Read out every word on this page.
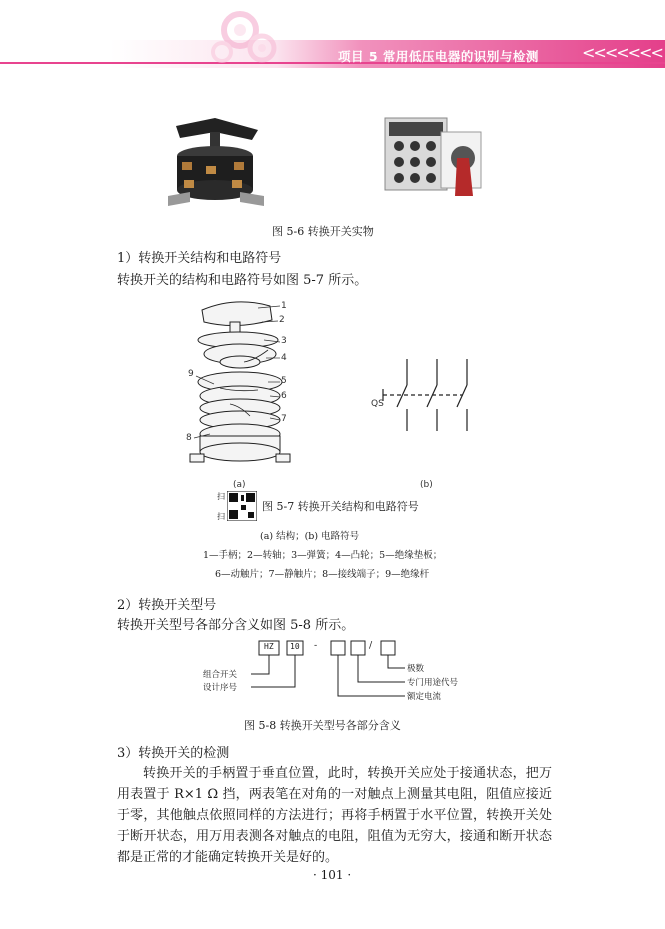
项目 5 常用低压电器的识别与检测	<<<<<<<
图 5-6 转换开关实物
1）转换开关结构和电路符号
转换开关的结构和电路符号如图 5-7 所示。
1
2
3
4
5
6
7
8
9
QS
(a)	(b)
扫
扫
图 5-7 转换开关结构和电路符号
(a) 结构；(b) 电路符号
1—手柄；2—转轴；3—弹簧；4—凸轮；5—绝缘垫板；
6—动触片；7—静触片；8—接线端子；9—绝缘杆
2）转换开关型号
转换开关型号各部分含义如图 5-8 所示。
HZ 10 -	/
组合开关
设计序号
极数
专门用途代号
额定电流
图 5-8 转换开关型号各部分含义
3）转换开关的检测
转换开关的手柄置于垂直位置，此时，转换开关应处于接通状态，把万用表置于 R×1 Ω 挡，两表笔在对角的一对触点上测量其电阻，阻值应接近于零，其他触点依照同样的方法进行；再将手柄置于水平位置，转换开关处于断开状态，用万用表测各对触点的电阻，阻值为无穷大，接通和断开状态都是正常的才能确定转换开关是好的。
· 101 ·
